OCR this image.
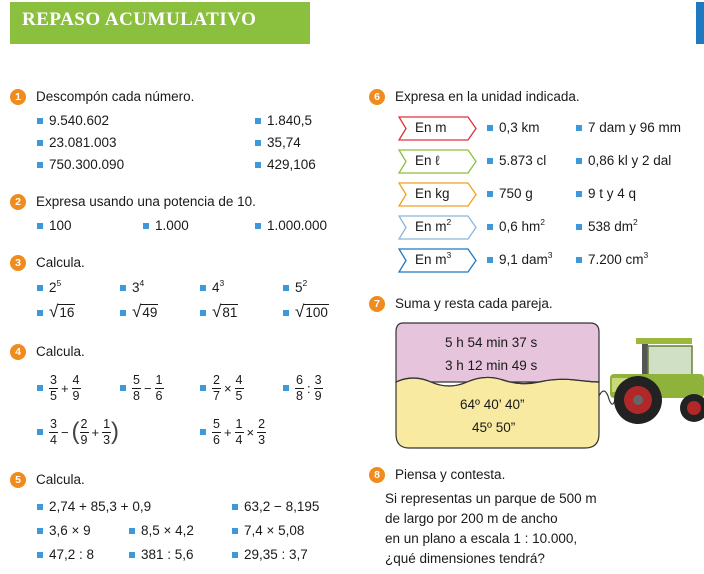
REPASO ACUMULATIVO
1	Descompón cada número.
9.540.602	1.840,5
23.081.003	35,74
750.300.090	429,106
2	Expresa usando una potencia de 10.
100	1.000	1.000.000
3	Calcula.
$2^5$	$3^4$	$4^3$	$5^2$
√16	√49	√81	√100
4	Calcula.
$\frac{3}{5} + \frac{4}{9}$	$\frac{5}{8} - \frac{1}{6}$	$\frac{2}{7} \times \frac{4}{5}$	$\frac{6}{8}$ : $\frac{3}{9}$
$\frac{3}{4}$ − ( $\frac{2}{9} + \frac{1}{3}$ )	$\frac{5}{6} + \frac{1}{4} \times \frac{2}{3}$
5	Calcula.
2,74 + 85,3 + 0,9	63,2 − 8,195
3,6 × 9	8,5 × 4,2	7,4 × 5,08
47,2 : 8	381 : 5,6	29,35 : 3,7
6	Expresa en la unidad indicada.
En m	0,3 km	7 dam y 96 mm
En ℓ	5.873 cl	0,86 kl y 2 dal
En kg	750 g	9 t y 4 q
En $m^2$	0,6 $hm^2$	538 $dm^2$
En $m^3$	9,1 dam$^3$	7.200 $cm^3$
7	Suma y resta cada pareja.
5 h 54 min 37 s
3 h 12 min 49 s
64º 40’ 40”
45º 50”
8	Piensa y contesta.
Si representas un parque de 500 m
de largo por 200 m de ancho
en un plano a escala 1 : 10.000,
¿qué dimensiones tendrá?
